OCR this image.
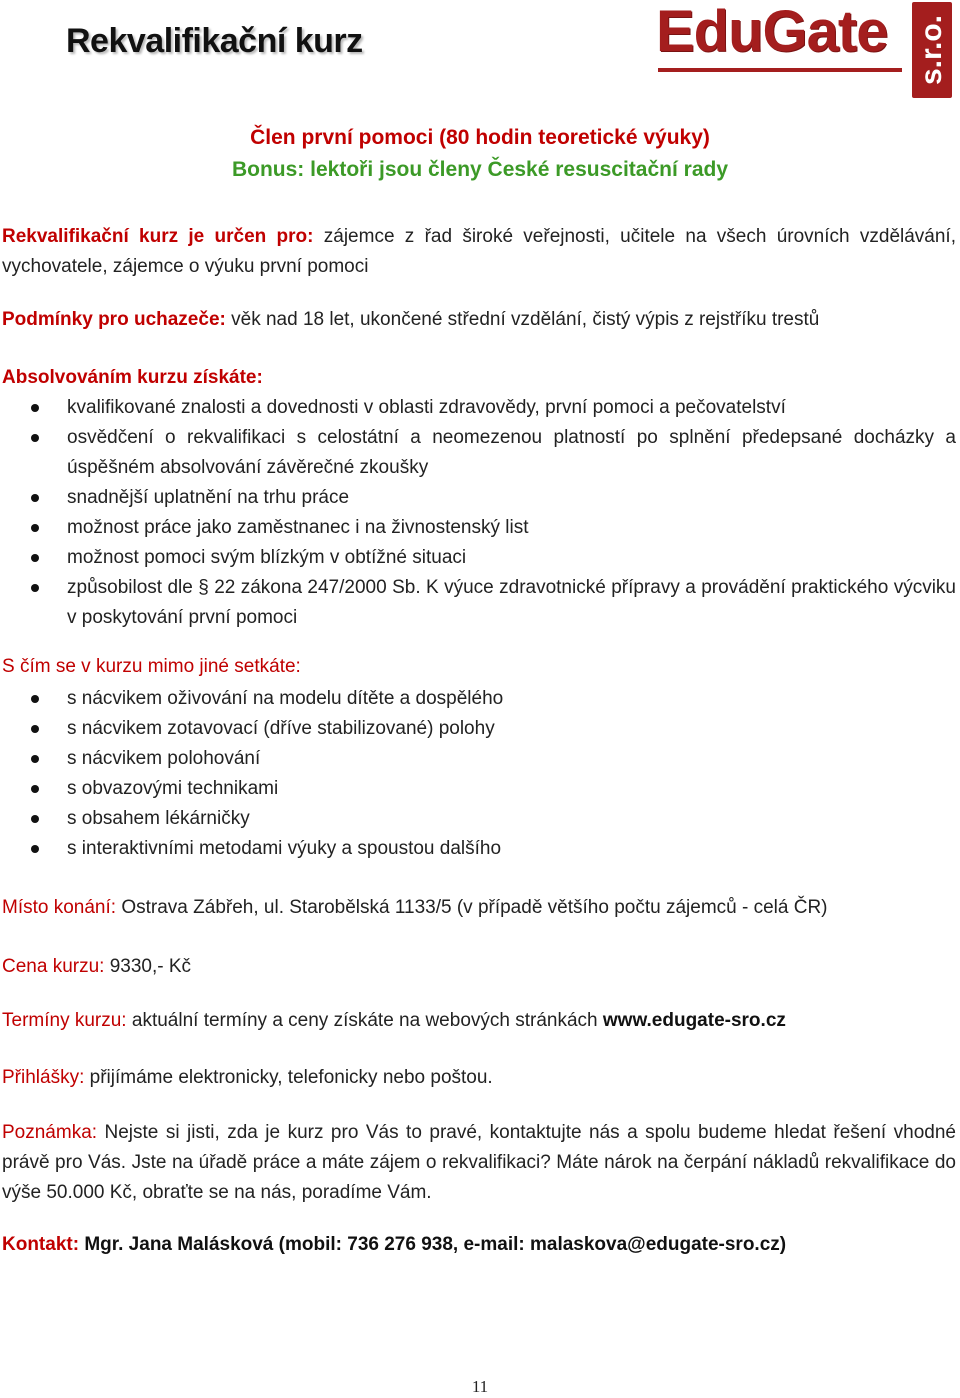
Rekvalifikační kurz	EduGate s.r.o.
Člen první pomoci (80 hodin teoretické výuky)
Bonus: lektoři jsou členy České resuscitační rady
Rekvalifikační kurz je určen pro: zájemce z řad široké veřejnosti, učitele na všech úrovních vzdělávání, vychovatele, zájemce o výuku první pomoci
Podmínky pro uchazeče: věk nad 18 let, ukončené střední vzdělání, čistý výpis z rejstříku trestů
Absolvováním kurzu získáte:
kvalifikované znalosti a dovednosti v oblasti zdravovědy, první pomoci a pečovatelství
osvědčení o rekvalifikaci s celostátní a neomezenou platností po splnění předepsané docházky a úspěšném absolvování závěrečné zkoušky
snadnější uplatnění na trhu práce
možnost práce jako zaměstnanec i na živnostenský list
možnost pomoci svým blízkým v obtížné situaci
způsobilost dle § 22 zákona 247/2000 Sb. K výuce zdravotnické přípravy a provádění praktického výcviku v poskytování první pomoci
S čím se v kurzu mimo jiné setkáte:
s nácvikem oživování na modelu dítěte a dospělého
s nácvikem zotavovací (dříve stabilizované) polohy
s nácvikem polohování
s obvazovými technikami
s obsahem lékárničky
s interaktivními metodami výuky a spoustou dalšího
Místo konání: Ostrava Zábřeh, ul. Starobělská 1133/5 (v případě většího počtu zájemců - celá ČR)
Cena kurzu: 9330,- Kč
Termíny kurzu: aktuální termíny a ceny získáte na webových stránkách www.edugate-sro.cz
Přihlášky: přijímáme elektronicky, telefonicky nebo poštou.
Poznámka: Nejste si jisti, zda je kurz pro Vás to pravé, kontaktujte nás a spolu budeme hledat řešení vhodné právě pro Vás. Jste na úřadě práce a máte zájem o rekvalifikaci? Máte nárok na čerpání nákladů rekvalifikace do výše 50.000 Kč, obraťte se na nás, poradíme Vám.
Kontakt: Mgr. Jana Malásková (mobil: 736 276 938, e-mail: malaskova@edugate-sro.cz)
11
